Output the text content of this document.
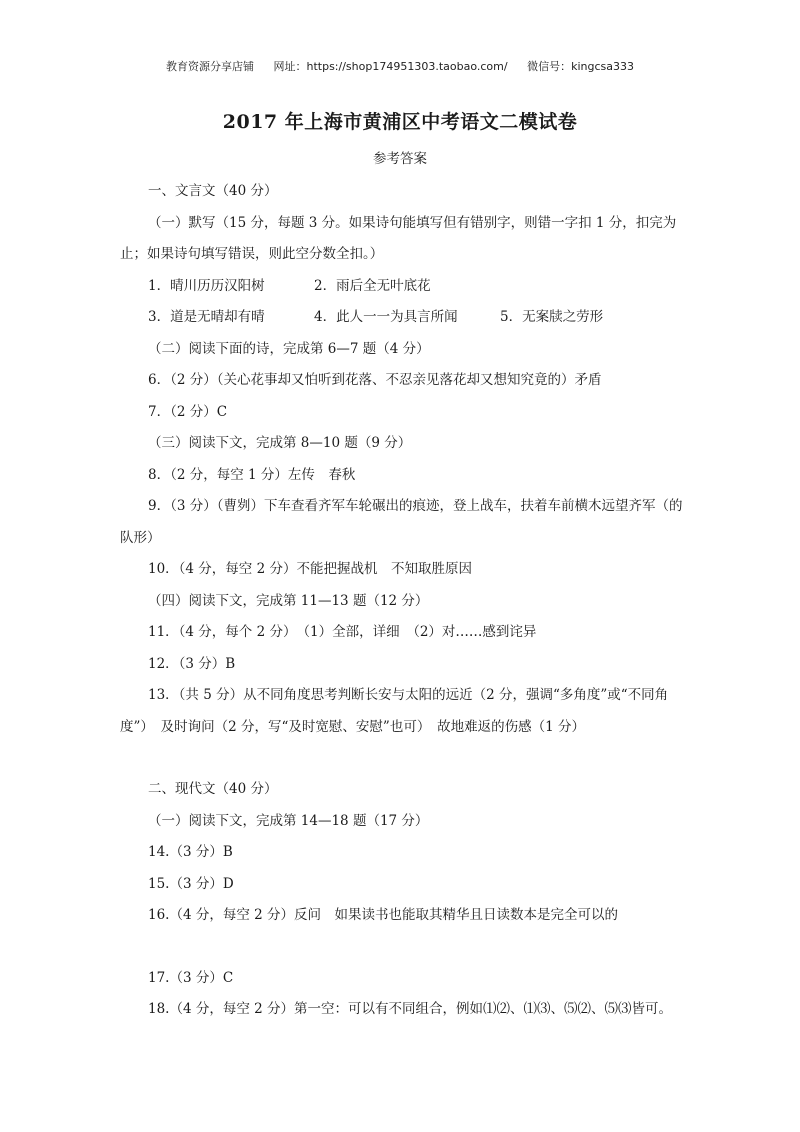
教育资源分享店铺 网址：https://shop174951303.taobao.com/ 微信号：kingcsa333
2017 年上海市黄浦区中考语文二模试卷
参考答案

一、文言文（40 分）

（一）默写（15 分，每题 3 分。如果诗句能填写但有错别字，则错一字扣 1 分，扣完为止；如果诗句填写错误，则此空分数全扣。）

1．晴川历历汉阳树	2．雨后全无叶底花
3．道是无晴却有晴	4．此人一一为具言所闻	5．无案牍之劳形

（二）阅读下面的诗，完成第 6—7 题（4 分）

6．（2 分）（关心花事却又怕听到花落、不忍亲见落花却又想知究竟的）矛盾

7．（2 分）C

（三）阅读下文，完成第 8—10 题（9 分）

8．（2 分，每空 1 分）左传　春秋

9．（3 分）（曹刿）下车查看齐军车轮碾出的痕迹，登上战车，扶着车前横木远望齐军（的队形）

10．（4 分，每空 2 分）不能把握战机　不知取胜原因

（四）阅读下文，完成第 11—13 题（12 分）

11．（4 分，每个 2 分）　（1）全部，详细　（2）对……感到诧异

12．（3 分）B

13．（共 5 分）从不同角度思考判断长安与太阳的远近（2 分，强调“多角度”或“不同角度”）　及时询问（2 分，写“及时宽慰、安慰”也可）　故地难返的伤感（1 分）

二、现代文（40 分）

（一）阅读下文，完成第 14—18 题（17 分）

14.（3 分）B

15.（3 分）D

16.（4 分，每空 2 分）反问　如果读书也能取其精华且日读数本是完全可以的

17.（3 分）C

18.（4 分，每空 2 分）第一空：可以有不同组合，例如⑴⑵、⑴⑶、⑸⑵、⑸⑶皆可。
